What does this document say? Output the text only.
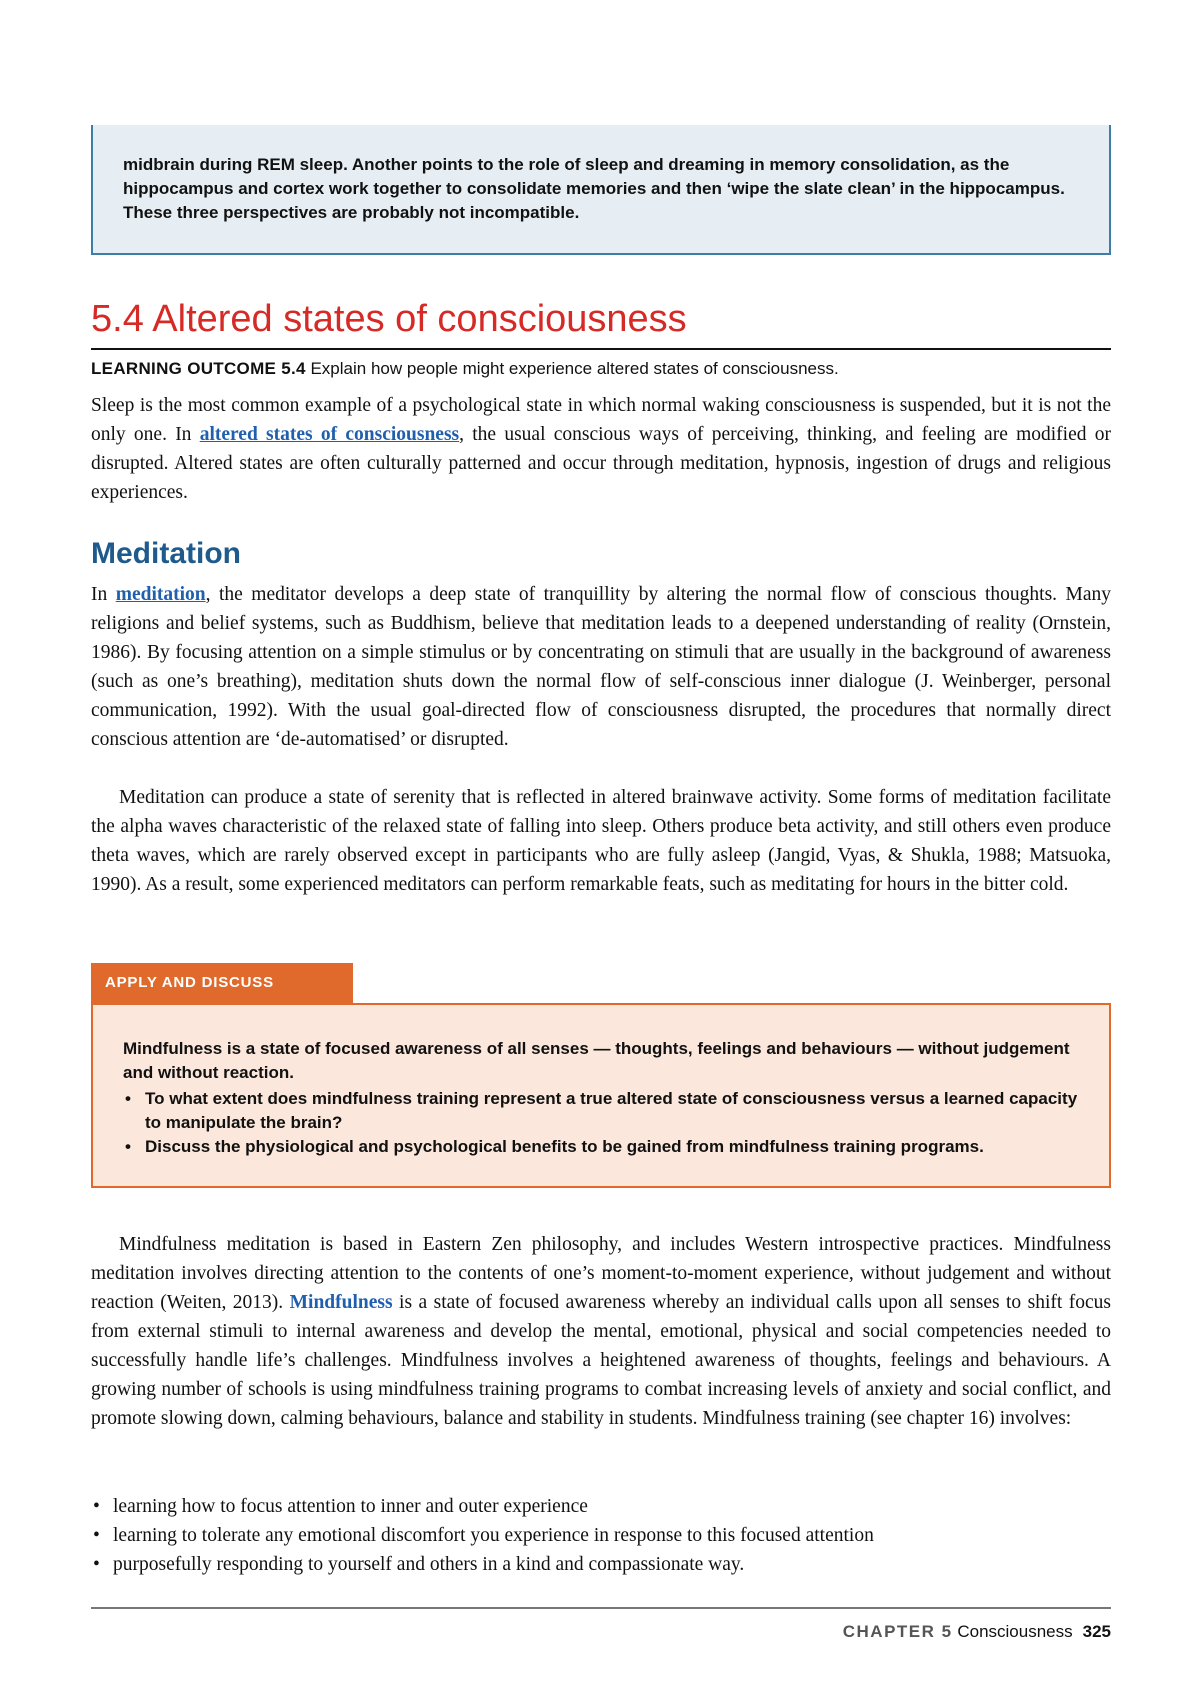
midbrain during REM sleep. Another points to the role of sleep and dreaming in memory consolidation, as the hippocampus and cortex work together to consolidate memories and then ‘wipe the slate clean’ in the hippocampus. These three perspectives are probably not incompatible.
5.4 Altered states of consciousness
LEARNING OUTCOME 5.4 Explain how people might experience altered states of consciousness.

Sleep is the most common example of a psychological state in which normal waking consciousness is suspended, but it is not the only one. In altered states of consciousness, the usual conscious ways of perceiving, thinking, and feeling are modified or disrupted. Altered states are often culturally patterned and occur through meditation, hypnosis, ingestion of drugs and religious experiences.

Meditation

In meditation, the meditator develops a deep state of tranquillity by altering the normal flow of conscious thoughts. Many religions and belief systems, such as Buddhism, believe that meditation leads to a deepened understanding of reality (Ornstein, 1986). By focusing attention on a simple stimulus or by concentrating on stimuli that are usually in the background of awareness (such as one’s breathing), meditation shuts down the normal flow of self-conscious inner dialogue (J. Weinberger, personal communication, 1992). With the usual goal-directed flow of consciousness disrupted, the procedures that normally direct conscious attention are ‘de-automatised’ or disrupted.

Meditation can produce a state of serenity that is reflected in altered brainwave activity. Some forms of meditation facilitate the alpha waves characteristic of the relaxed state of falling into sleep. Others produce beta activity, and still others even produce theta waves, which are rarely observed except in participants who are fully asleep (Jangid, Vyas, & Shukla, 1988; Matsuoka, 1990). As a result, some experienced meditators can perform remarkable feats, such as meditating for hours in the bitter cold.

APPLY AND DISCUSS
Mindfulness is a state of focused awareness of all senses — thoughts, feelings and behaviours — without judgement and without reaction.
• To what extent does mindfulness training represent a true altered state of consciousness versus a learned capacity to manipulate the brain?
• Discuss the physiological and psychological benefits to be gained from mindfulness training programs.

Mindfulness meditation is based in Eastern Zen philosophy, and includes Western introspective practices. Mindfulness meditation involves directing attention to the contents of one’s moment-to-moment experience, without judgement and without reaction (Weiten, 2013). Mindfulness is a state of focused awareness whereby an individual calls upon all senses to shift focus from external stimuli to internal awareness and develop the mental, emotional, physical and social competencies needed to successfully handle life’s challenges. Mindfulness involves a heightened awareness of thoughts, feelings and behaviours. A growing number of schools is using mindfulness training programs to combat increasing levels of anxiety and social conflict, and promote slowing down, calming behaviours, balance and stability in students. Mindfulness training (see chapter 16) involves:

• learning how to focus attention to inner and outer experience
• learning to tolerate any emotional discomfort you experience in response to this focused attention
• purposefully responding to yourself and others in a kind and compassionate way.
CHAPTER 5 Consciousness 325
